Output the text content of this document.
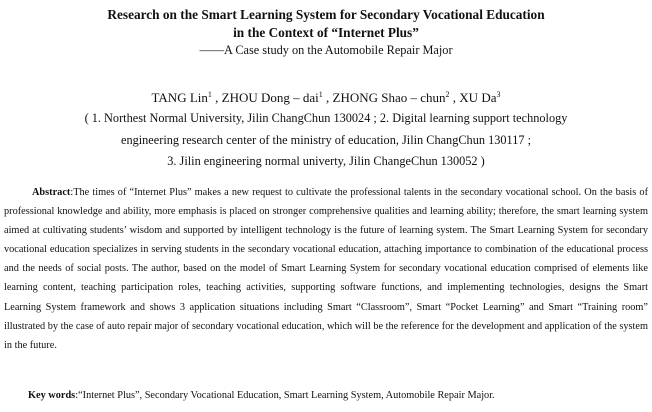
Research on the Smart Learning System for Secondary Vocational Education
in the Context of “Internet Plus”
——A Case study on the Automobile Repair Major
TANG Lin$^1$ , ZHOU Dong – dai$^1$ , ZHONG Shao – chun$^2$ , XU Da$^3$
( 1. Northest Normal University, Jilin ChangChun 130024 ; 2. Digital learning support technology
engineering research center of the ministry of education, Jilin ChangChun 130117 ;
3. Jilin engineering normal univerty, Jilin ChangeChun 130052 )

Abstract:The times of “Internet Plus” makes a new request to cultivate the professional talents in the secondary vocational school. On the basis of professional knowledge and ability, more emphasis is placed on stronger comprehensive qualities and learning ability; therefore, the smart learning system aimed at cultivating students’ wisdom and supported by intelligent technology is the future of learning system. The Smart Learning System for secondary vocational education specializes in serving students in the secondary vocational education, attaching importance to combination of the educational process and the needs of social posts. The author, based on the model of Smart Learning System for secondary vocational education comprised of elements like learning content, teaching participation roles, teaching activities, supporting software functions, and implementing technologies, designs the Smart Learning System framework and shows 3 application situations including Smart “Classroom”, Smart “Pocket Learning” and Smart “Training room” illustrated by the case of auto repair major of secondary vocational education, which will be the reference for the development and application of the system in the future.

Key words:“Internet Plus”, Secondary Vocational Education, Smart Learning System, Automobile Repair Major.
